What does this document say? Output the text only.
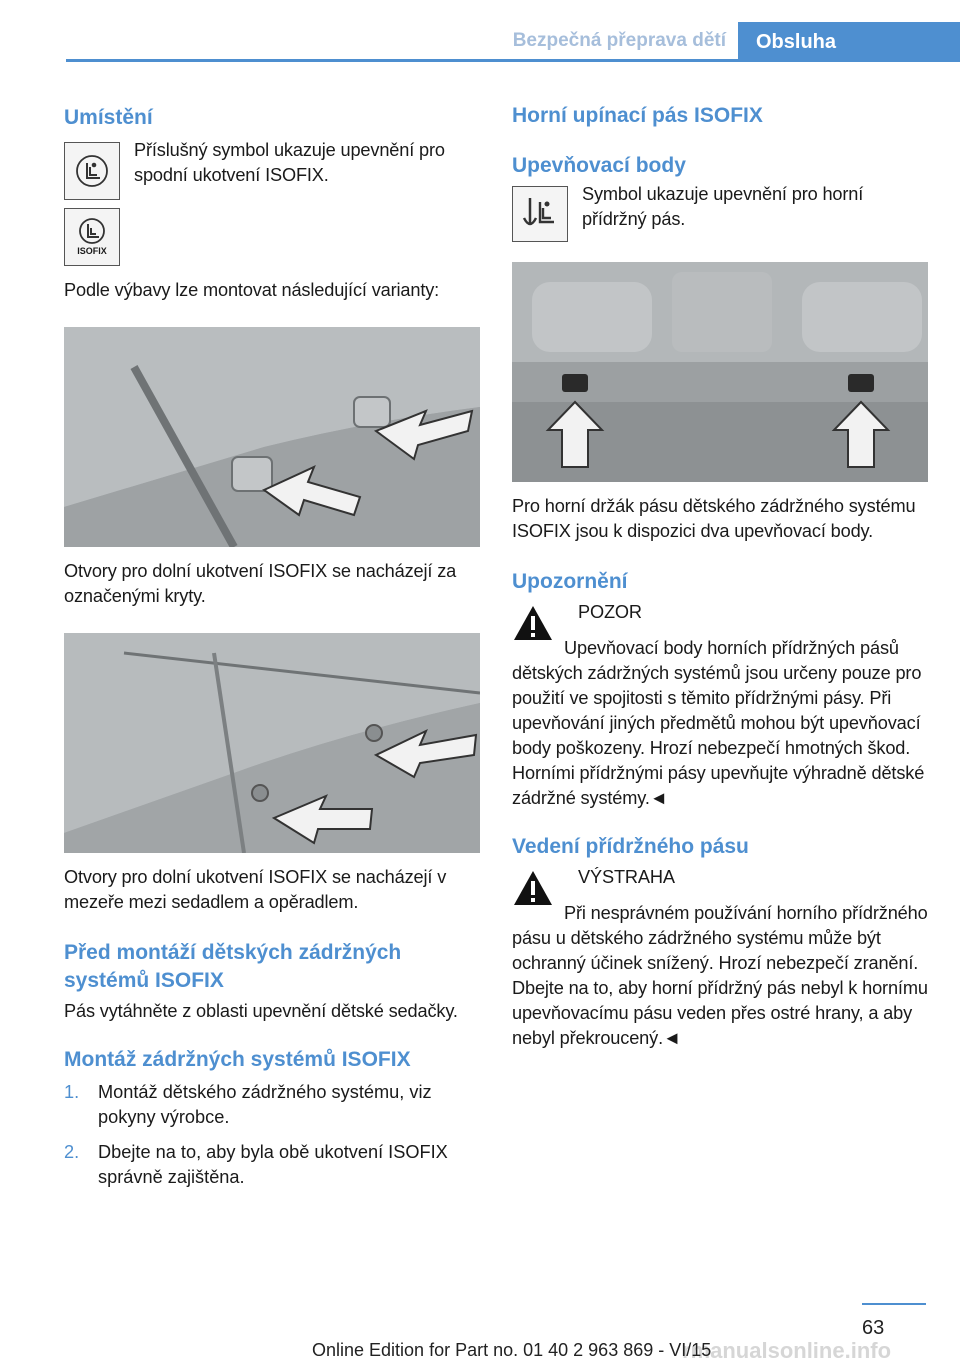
Bezpečná přeprava dětí	Obsluha
Umístění

Příslušný symbol ukazuje upevnění pro spodní ukotvení ISOFIX.

ISOFIX

Podle výbavy lze montovat následující varianty:

Otvory pro dolní ukotvení ISOFIX se nacházejí za označenými kryty.

Otvory pro dolní ukotvení ISOFIX se nacházejí v mezeře mezi sedadlem a opěradlem.

Před montáží dětských zádržných systémů ISOFIX

Pás vytáhněte z oblasti upevnění dětské sedačky.

Montáž zádržných systémů ISOFIX
1.	Montáž dětského zádržného systému, viz pokyny výrobce.
2.	Dbejte na to, aby byla obě ukotvení ISOFIX správně zajištěna.
Horní upínací pás ISOFIX
Upevňovací body

Symbol ukazuje upevnění pro horní přídržný pás.

Pro horní držák pásu dětského zádržného systému ISOFIX jsou k dispozici dva upevňovací body.

Upozornění

POZOR

Upevňovací body horních přídržných pásů dětských zádržných systémů jsou určeny pouze pro použití ve spojitosti s těmito přídržnými pásy. Při upevňování jiných předmětů mohou být upevňovací body poškozeny. Hrozí nebezpečí hmotných škod. Horními přídržnými pásy upevňujte výhradně dětské zádržné systémy.◄

Vedení přídržného pásu

VÝSTRAHA

Při nesprávném používání horního přídržného pásu u dětského zádržného systému může být ochranný účinek snížený. Hrozí nebezpečí zranění. Dbejte na to, aby horní přídržný pás nebyl k hornímu upevňovacímu pásu veden přes ostré hrany, a aby nebyl překroucený.◄

63
rmanualsonline.info
Online Edition for Part no. 01 40 2 963 869 - VI/15
